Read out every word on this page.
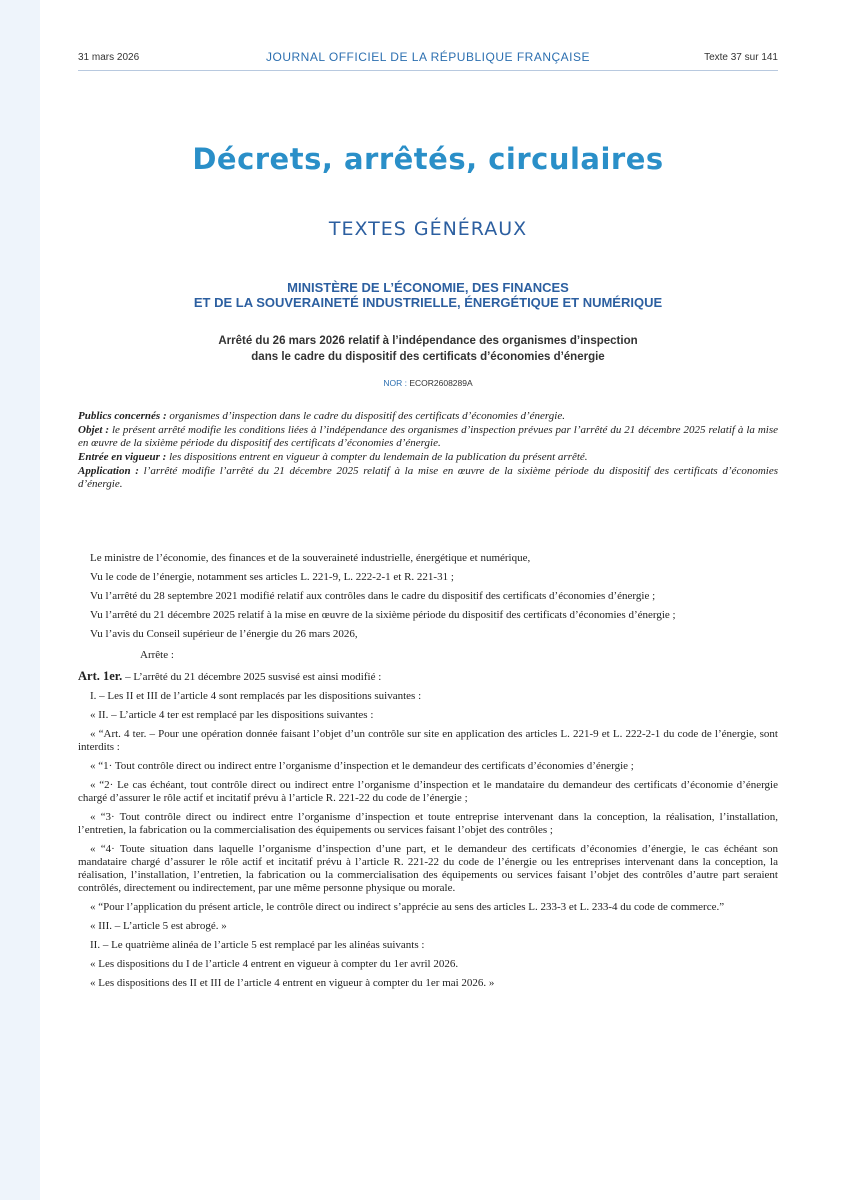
31 mars 2026	JOURNAL OFFICIEL DE LA RÉPUBLIQUE FRANÇAISE	Texte 37 sur 141
Décrets, arrêtés, circulaires
TEXTES GÉNÉRAUX
MINISTÈRE DE L’ÉCONOMIE, DES FINANCES
ET DE LA SOUVERAINETÉ INDUSTRIELLE, ÉNERGÉTIQUE ET NUMÉRIQUE
Arrêté du 26 mars 2026 relatif à l’indépendance des organismes d’inspection
dans le cadre du dispositif des certificats d’économies d’énergie
NOR : ECOR2608289A

Publics concernés : organismes d’inspection dans le cadre du dispositif des certificats d’économies d’énergie.

Objet : le présent arrêté modifie les conditions liées à l’indépendance des organismes d’inspection prévues par l’arrêté du 21 décembre 2025 relatif à la mise en œuvre de la sixième période du dispositif des certificats d’économies d’énergie.

Entrée en vigueur : les dispositions entrent en vigueur à compter du lendemain de la publication du présent arrêté.

Application : l’arrêté modifie l’arrêté du 21 décembre 2025 relatif à la mise en œuvre de la sixième période du dispositif des certificats d’économies d’énergie.

Le ministre de l’économie, des finances et de la souveraineté industrielle, énergétique et numérique,

Vu le code de l’énergie, notamment ses articles L. 221-9, L. 222-2-1 et R. 221-31 ;

Vu l’arrêté du 28 septembre 2021 modifié relatif aux contrôles dans le cadre du dispositif des certificats d’économies d’énergie ;

Vu l’arrêté du 21 décembre 2025 relatif à la mise en œuvre de la sixième période du dispositif des certificats d’économies d’énergie ;

Vu l’avis du Conseil supérieur de l’énergie du 26 mars 2026,

Arrête :

Art. 1er. – L’arrêté du 21 décembre 2025 susvisé est ainsi modifié :

I. – Les II et III de l’article 4 sont remplacés par les dispositions suivantes :

« II. – L’article 4 ter est remplacé par les dispositions suivantes :

« “Art. 4 ter. – Pour une opération donnée faisant l’objet d’un contrôle sur site en application des articles L. 221-9 et L. 222-2-1 du code de l’énergie, sont interdits :

« “1· Tout contrôle direct ou indirect entre l’organisme d’inspection et le demandeur des certificats d’économies d’énergie ;

« “2· Le cas échéant, tout contrôle direct ou indirect entre l’organisme d’inspection et le mandataire du demandeur des certificats d’économie d’énergie chargé d’assurer le rôle actif et incitatif prévu à l’article R. 221-22 du code de l’énergie ;

« “3· Tout contrôle direct ou indirect entre l’organisme d’inspection et toute entreprise intervenant dans la conception, la réalisation, l’installation, l’entretien, la fabrication ou la commercialisation des équipements ou services faisant l’objet des contrôles ;

« “4· Toute situation dans laquelle l’organisme d’inspection d’une part, et le demandeur des certificats d’économies d’énergie, le cas échéant son mandataire chargé d’assurer le rôle actif et incitatif prévu à l’article R. 221-22 du code de l’énergie ou les entreprises intervenant dans la conception, la réalisation, l’installation, l’entretien, la fabrication ou la commercialisation des équipements ou services faisant l’objet des contrôles d’autre part seraient contrôlés, directement ou indirectement, par une même personne physique ou morale.

« “Pour l’application du présent article, le contrôle direct ou indirect s’apprécie au sens des articles L. 233-3 et L. 233-4 du code de commerce.”

« III. – L’article 5 est abrogé. »

II. – Le quatrième alinéa de l’article 5 est remplacé par les alinéas suivants :

« Les dispositions du I de l’article 4 entrent en vigueur à compter du 1er avril 2026.

« Les dispositions des II et III de l’article 4 entrent en vigueur à compter du 1er mai 2026. »
